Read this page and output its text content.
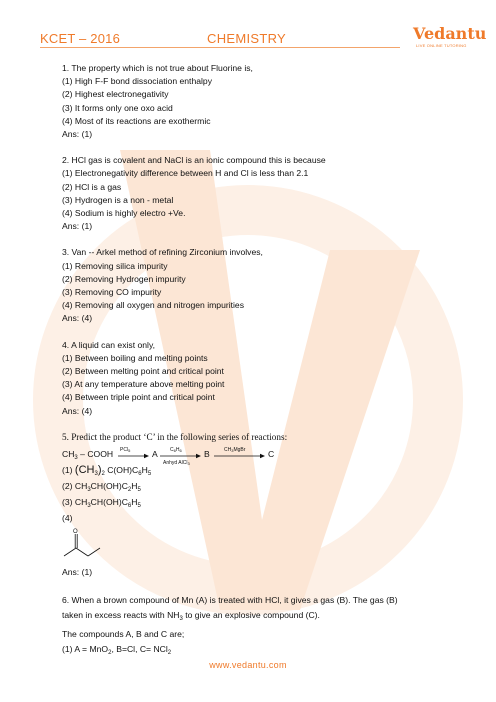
KCET – 2016	CHEMISTRY	Vedantu
LIVE ONLINE TUTORING
1. The property which is not true about Fluorine is,
(1) High F-F bond dissociation enthalpy
(2) Highest electronegativity
(3) It forms only one oxo acid
(4) Most of its reactions are exothermic
Ans: (1)
2. HCl gas is covalent and NaCl is an ionic compound this is because
(1) Electronegativity difference between H and Cl is less than 2.1
(2) HCl is a gas
(3) Hydrogen is a non - metal
(4) Sodium is highly electro +Ve.
Ans: (1)
3. Van -- Arkel method of refining Zirconium involves,
(1) Removing silica impurity
(2) Removing Hydrogen impurity
(3) Removing CO impurity
(4) Removing all oxygen and nitrogen impurities
Ans: (4)
4. A liquid can exist only,
(1) Between boiling and melting points
(2) Between melting point and critical point
(3) At any temperature above melting point
(4) Between triple point and critical point
Ans: (4)
5. Predict the product ‘C’ in the following series of reactions:
$CH_3$ – COOH PCl$_5$ → A $C_6H_6$
Anhyd AlCl$_3$
B	$CH_3MgBr$	C
(1) $(CH_3)_2$ $C(OH)C_6H_5$
(2) $CH_3CH(OH)C_2H_5$
(3) $CH_3CH(OH)C_6H_5$
(4)
O
Ans: (1)
6. When a brown compound of Mn (A) is treated with HCl, it gives a gas (B). The gas (B)
taken in excess reacts with $NH_3$ to give an explosive compound (C).
The compounds A, B and C are;
(1) A = MnO$_2$, B=Cl, C= NCl$_2$
www.vedantu.com
